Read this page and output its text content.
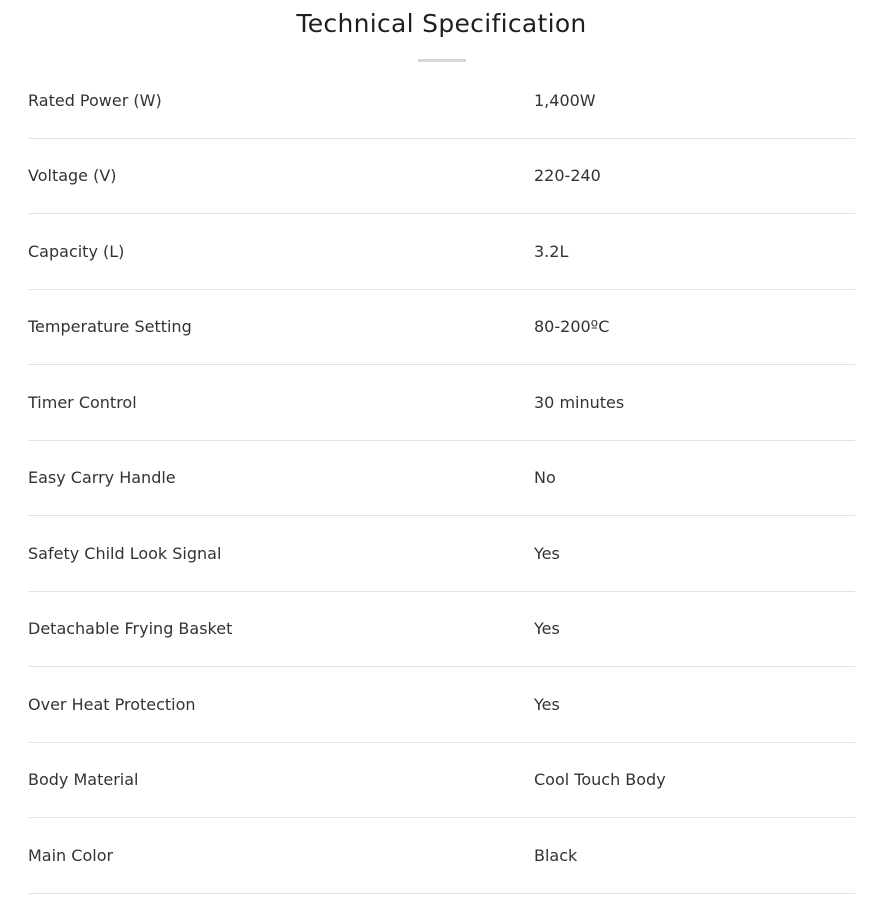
Technical Specification
Rated Power (W)	1,400W
Voltage (V)	220-240
Capacity (L)	3.2L
Temperature Setting	80-200ºC
Timer Control	30 minutes
Easy Carry Handle	No
Safety Child Look Signal	Yes
Detachable Frying Basket	Yes
Over Heat Protection	Yes
Body Material	Cool Touch Body
Main Color	Black
